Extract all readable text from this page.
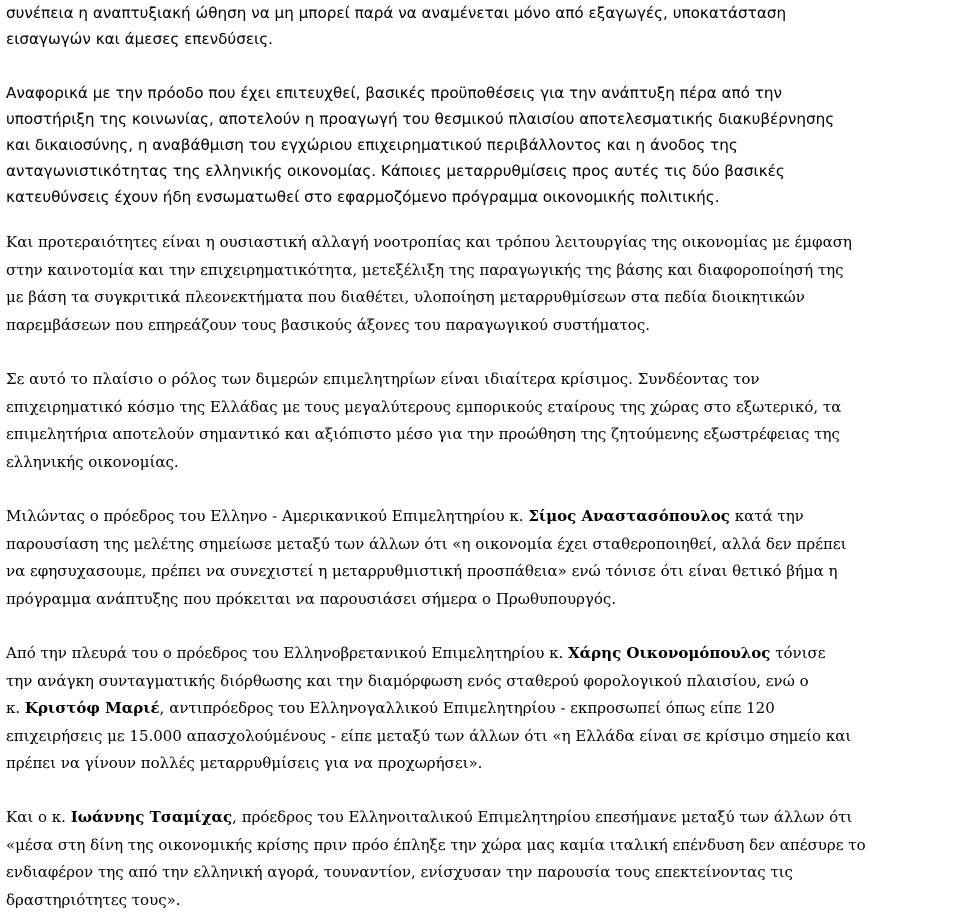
συνέπεια η αναπτυξιακή ώθηση να μη μπορεί παρά να αναμένεται μόνο από εξαγωγές, υποκατάσταση
εισαγωγών και άμεσες επενδύσεις.

Αναφορικά με την πρόοδο που έχει επιτευχθεί, βασικές προϋποθέσεις για την ανάπτυξη πέρα από την
υποστήριξη της κοινωνίας, αποτελούν η προαγωγή του θεσμικού πλαισίου αποτελεσματικής διακυβέρνησης
και δικαιοσύνης, η αναβάθμιση του εγχώριου επιχειρηματικού περιβάλλοντος και η άνοδος της
ανταγωνιστικότητας της ελληνικής οικονομίας. Κάποιες μεταρρυθμίσεις προς αυτές τις δύο βασικές
κατευθύνσεις έχουν ήδη ενσωματωθεί στο εφαρμοζόμενο πρόγραμμα οικονομικής πολιτικής.

Και προτεραιότητες είναι η ουσιαστική αλλαγή νοοτροπίας και τρόπου λειτουργίας της οικονομίας με έμφαση
στην καινοτομία και την επιχειρηματικότητα, μετεξέλιξη της παραγωγικής της βάσης και διαφοροποίησή της
με βάση τα συγκριτικά πλεονεκτήματα που διαθέτει, υλοποίηση μεταρρυθμίσεων στα πεδία διοικητικών
παρεμβάσεων που επηρεάζουν τους βασικούς άξονες του παραγωγικού συστήματος.

Σε αυτό το πλαίσιο ο ρόλος των διμερών επιμελητηρίων είναι ιδιαίτερα κρίσιμος. Συνδέοντας τον
επιχειρηματικό κόσμο της Ελλάδας με τους μεγαλύτερους εμπορικούς εταίρους της χώρας στο εξωτερικό, τα
επιμελητήρια αποτελούν σημαντικό και αξιόπιστο μέσο για την προώθηση της ζητούμενης εξωστρέφειας της
ελληνικής οικονομίας.

Μιλώντας ο πρόεδρος του Ελληνο - Αμερικανικού Επιμελητηρίου κ. Σίμος Αναστασόπουλος κατά την
παρουσίαση της μελέτης σημείωσε μεταξύ των άλλων ότι «η οικονομία έχει σταθεροποιηθεί, αλλά δεν πρέπει
να εφησυχασουμε, πρέπει να συνεχιστεί η μεταρρυθμιστική προσπάθεια» ενώ τόνισε ότι είναι θετικό βήμα η
πρόγραμμα ανάπτυξης που πρόκειται να παρουσιάσει σήμερα ο Πρωθυπουργός.

Από την πλευρά του ο πρόεδρος του Ελληνοβρετανικού Επιμελητηρίου κ. Χάρης Οικονομόπουλος τόνισε
την ανάγκη συνταγματικής διόρθωσης και την διαμόρφωση ενός σταθερού φορολογικού πλαισίου, ενώ ο
κ. Κριστόφ Μαριέ, αντιπρόεδρος του Ελληνογαλλικού Επιμελητηρίου - εκπροσωπεί όπως είπε 120
επιχειρήσεις με 15.000 απασχολούμένους - είπε μεταξύ των άλλων ότι «η Ελλάδα είναι σε κρίσιμο σημείο και
πρέπει να γίνουν πολλές μεταρρυθμίσεις για να προχωρήσει».

Και ο κ. Ιωάννης Τσαμίχας, πρόεδρος του Ελληνοιταλικού Επιμελητηρίου επεσήμανε μεταξύ των άλλων ότι
«μέσα στη δίνη της οικονομικής κρίσης πριν πρόο έπληξε την χώρα μας καμία ιταλική επένδυση δεν απέσυρε το
ενδιαφέρον της από την ελληνική αγορά, τουναντίον, ενίσχυσαν την παρουσία τους επεκτείνοντας τις
δραστηριότητες τους».
